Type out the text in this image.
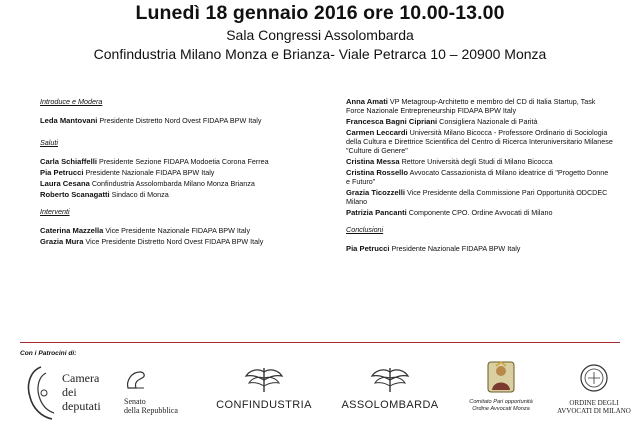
Lunedì 18 gennaio 2016 ore 10.00-13.00
Sala Congressi Assolombarda
Confindustria Milano Monza e Brianza- Viale Petrarca 10 – 20900 Monza
Introduce e Modera
Leda Mantovani Presidente Distretto Nord Ovest FIDAPA BPW Italy
Saluti
Carla Schiaffelli Presidente Sezione FIDAPA Modoetia Corona Ferrea
Pia Petrucci Presidente Nazionale FIDAPA BPW Italy
Laura Cesana Confindustria Assolombarda Milano Monza Brianza
Roberto Scanagatti Sindaco di Monza
Interventi
Caterina Mazzella Vice Presidente Nazionale FIDAPA BPW Italy
Grazia Mura Vice Presidente Distretto Nord Ovest FIDAPA BPW Italy
Anna Amati VP Metagroup-Architetto e membro del CD di Italia Startup, Task Force Nazionale Entrepreneurship FIDAPA BPW Italy
Francesca Bagni Cipriani Consigliera Nazionale di Parità
Carmen Leccardi Università Milano Bicocca - Professore Ordinario di Sociologia della Cultura e Direttrice Scientifica del Centro di Ricerca Interuniversitario Milanese "Culture di Genere"
Cristina Messa Rettore Università degli Studi di Milano Bicocca
Cristina Rossello Avvocato Cassazionista di Milano ideatrice di "Progetto Donne e Futuro"
Grazia Ticozzelli Vice Presidente della Commissione Pari Opportunità ODCDEC Milano
Patrizia Pancanti Componente CPO. Ordine Avvocati di Milano
Conclusioni
Pia Petrucci Presidente Nazionale FIDAPA BPW Italy
Con i Patrocini di:
Camera
dei
deputati	Senato
della Repubblica	CONFINDUSTRIA	ASSOLOMBARDA	Comitato Pari opportunità
Ordine Avvocati Monza
ORDINE DEGLI
AVVOCATI DI MILANO
